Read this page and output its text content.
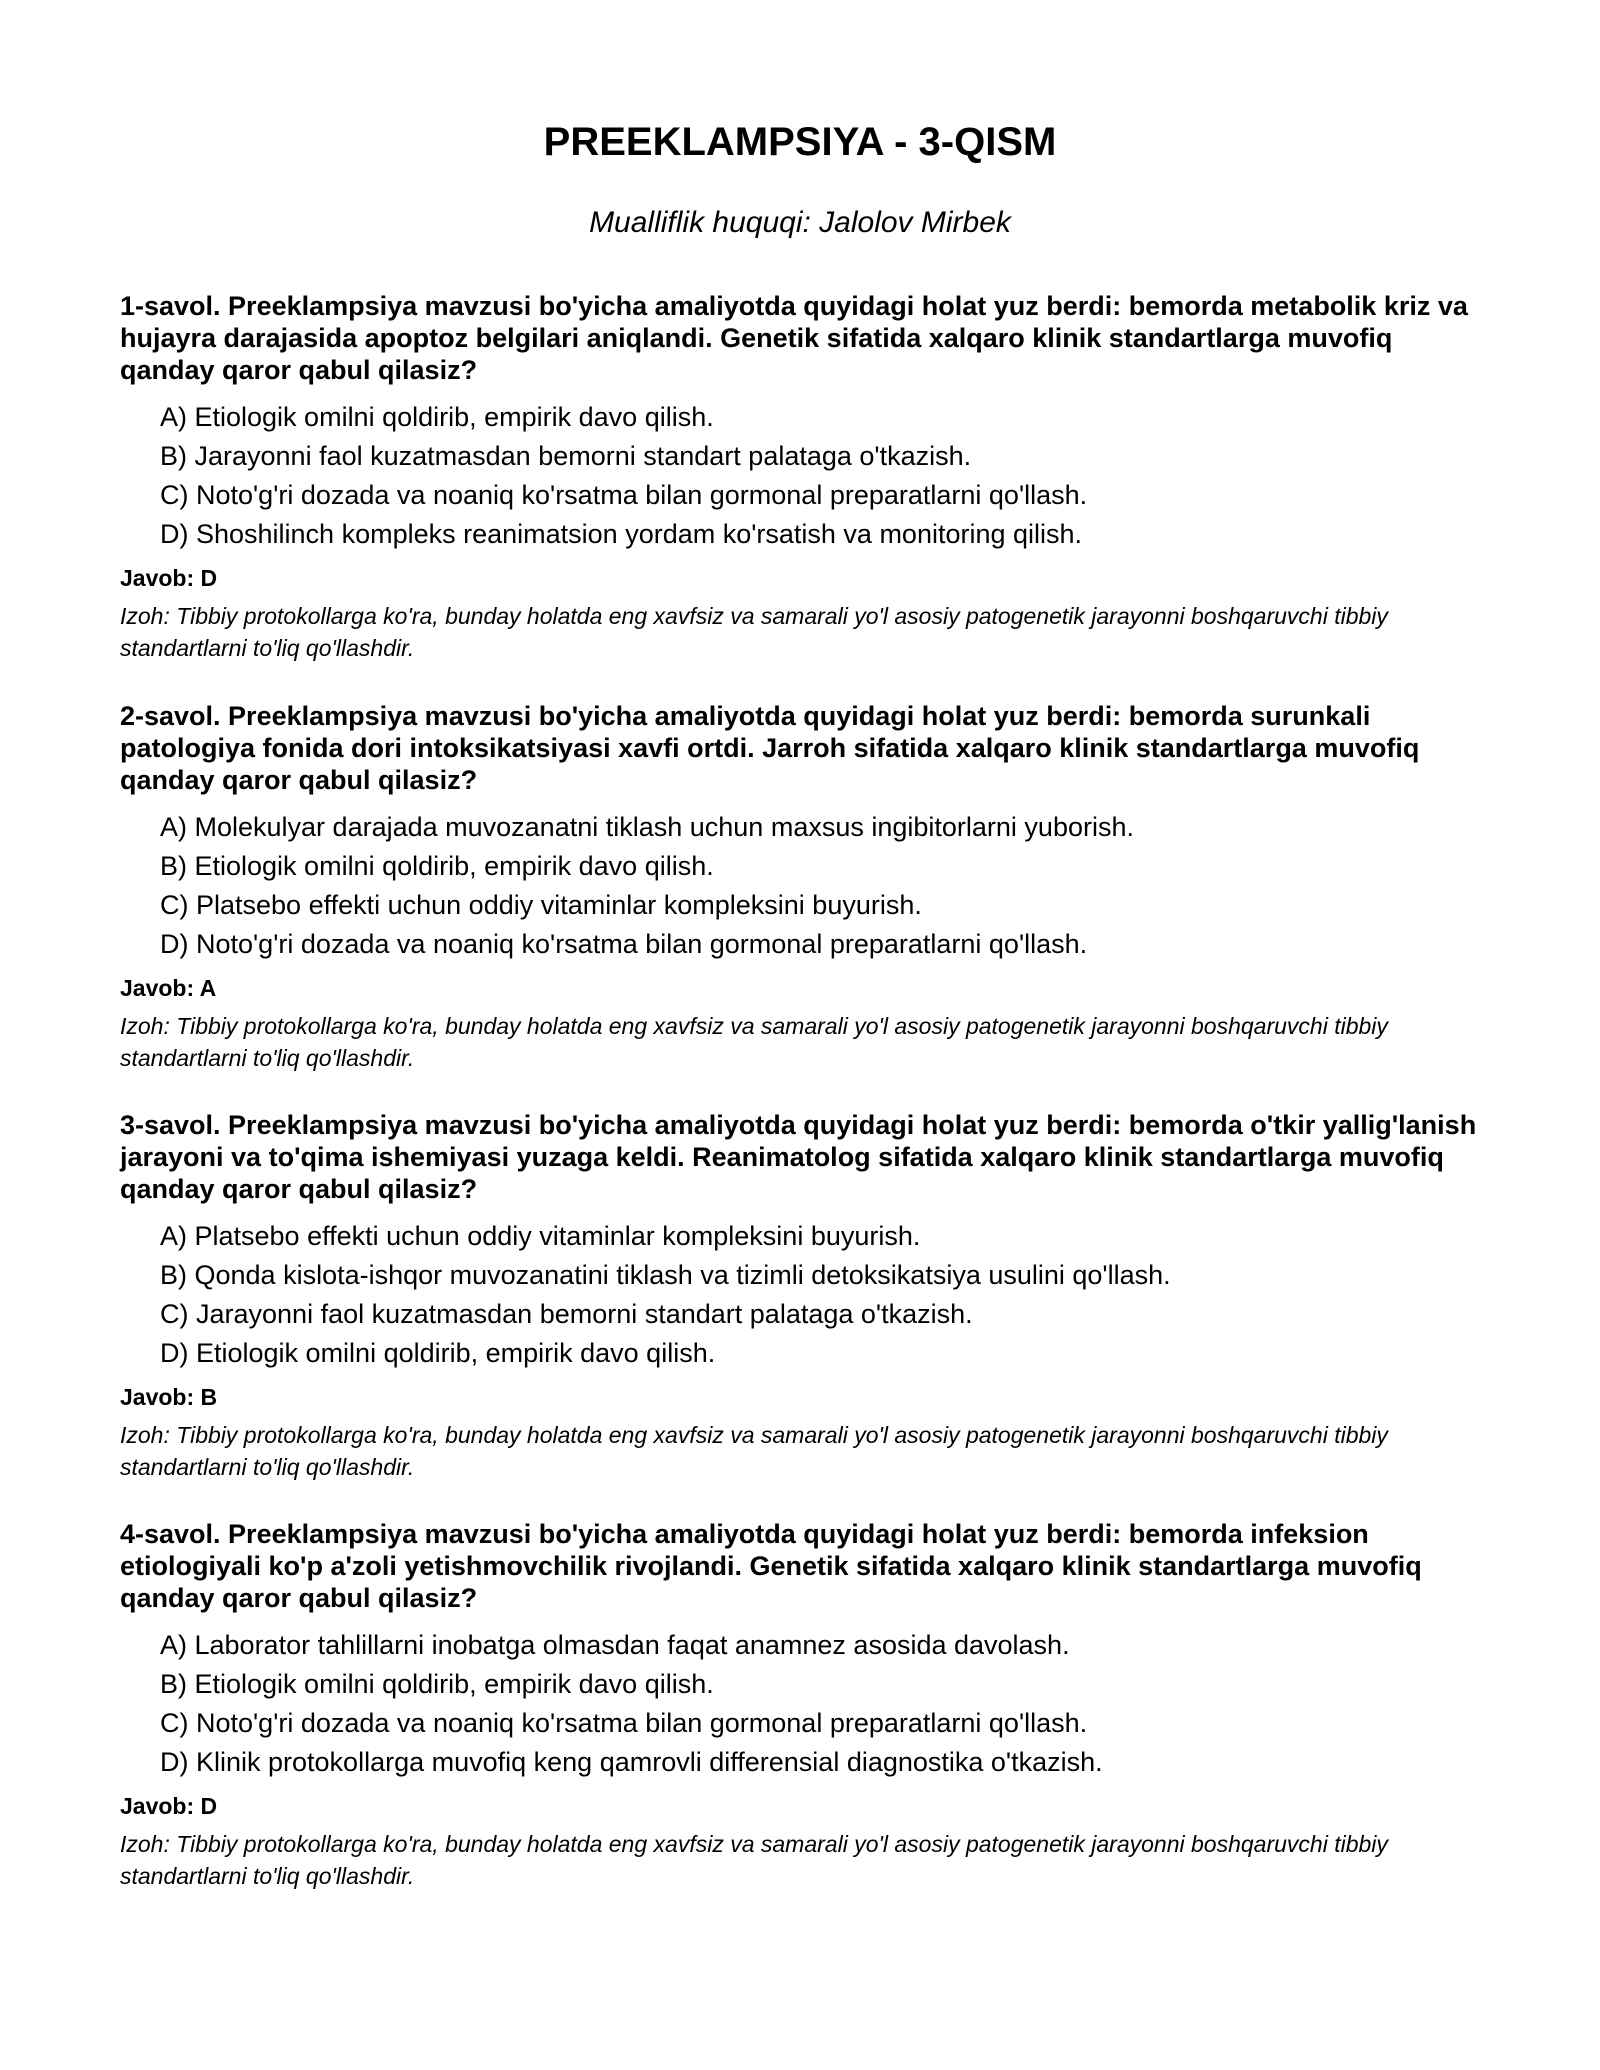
PREEKLAMPSIYA - 3-QISM
Mualliflik huquqi: Jalolov Mirbek

1-savol. Preeklampsiya mavzusi bo'yicha amaliyotda quyidagi holat yuz berdi: bemorda metabolik kriz va hujayra darajasida apoptoz belgilari aniqlandi. Genetik sifatida xalqaro klinik standartlarga muvofiq qanday qaror qabul qilasiz?

A) Etiologik omilni qoldirib, empirik davo qilish.
B) Jarayonni faol kuzatmasdan bemorni standart palataga o'tkazish.
C) Noto'g'ri dozada va noaniq ko'rsatma bilan gormonal preparatlarni qo'llash.
D) Shoshilinch kompleks reanimatsion yordam ko'rsatish va monitoring qilish.

Javob: D

Izoh: Tibbiy protokollarga ko'ra, bunday holatda eng xavfsiz va samarali yo'l asosiy patogenetik jarayonni boshqaruvchi tibbiy standartlarni to'liq qo'llashdir.

2-savol. Preeklampsiya mavzusi bo'yicha amaliyotda quyidagi holat yuz berdi: bemorda surunkali patologiya fonida dori intoksikatsiyasi xavfi ortdi. Jarroh sifatida xalqaro klinik standartlarga muvofiq qanday qaror qabul qilasiz?

A) Molekulyar darajada muvozanatni tiklash uchun maxsus ingibitorlarni yuborish.
B) Etiologik omilni qoldirib, empirik davo qilish.
C) Platsebo effekti uchun oddiy vitaminlar kompleksini buyurish.
D) Noto'g'ri dozada va noaniq ko'rsatma bilan gormonal preparatlarni qo'llash.

Javob: A

Izoh: Tibbiy protokollarga ko'ra, bunday holatda eng xavfsiz va samarali yo'l asosiy patogenetik jarayonni boshqaruvchi tibbiy standartlarni to'liq qo'llashdir.

3-savol. Preeklampsiya mavzusi bo'yicha amaliyotda quyidagi holat yuz berdi: bemorda o'tkir yallig'lanish jarayoni va to'qima ishemiyasi yuzaga keldi. Reanimatolog sifatida xalqaro klinik standartlarga muvofiq qanday qaror qabul qilasiz?

A) Platsebo effekti uchun oddiy vitaminlar kompleksini buyurish.
B) Qonda kislota-ishqor muvozanatini tiklash va tizimli detoksikatsiya usulini qo'llash.
C) Jarayonni faol kuzatmasdan bemorni standart palataga o'tkazish.
D) Etiologik omilni qoldirib, empirik davo qilish.

Javob: B

Izoh: Tibbiy protokollarga ko'ra, bunday holatda eng xavfsiz va samarali yo'l asosiy patogenetik jarayonni boshqaruvchi tibbiy standartlarni to'liq qo'llashdir.

4-savol. Preeklampsiya mavzusi bo'yicha amaliyotda quyidagi holat yuz berdi: bemorda infeksion etiologiyali ko'p a'zoli yetishmovchilik rivojlandi. Genetik sifatida xalqaro klinik standartlarga muvofiq qanday qaror qabul qilasiz?

A) Laborator tahlillarni inobatga olmasdan faqat anamnez asosida davolash.
B) Etiologik omilni qoldirib, empirik davo qilish.
C) Noto'g'ri dozada va noaniq ko'rsatma bilan gormonal preparatlarni qo'llash.
D) Klinik protokollarga muvofiq keng qamrovli differensial diagnostika o'tkazish.

Javob: D

Izoh: Tibbiy protokollarga ko'ra, bunday holatda eng xavfsiz va samarali yo'l asosiy patogenetik jarayonni boshqaruvchi tibbiy standartlarni to'liq qo'llashdir.
